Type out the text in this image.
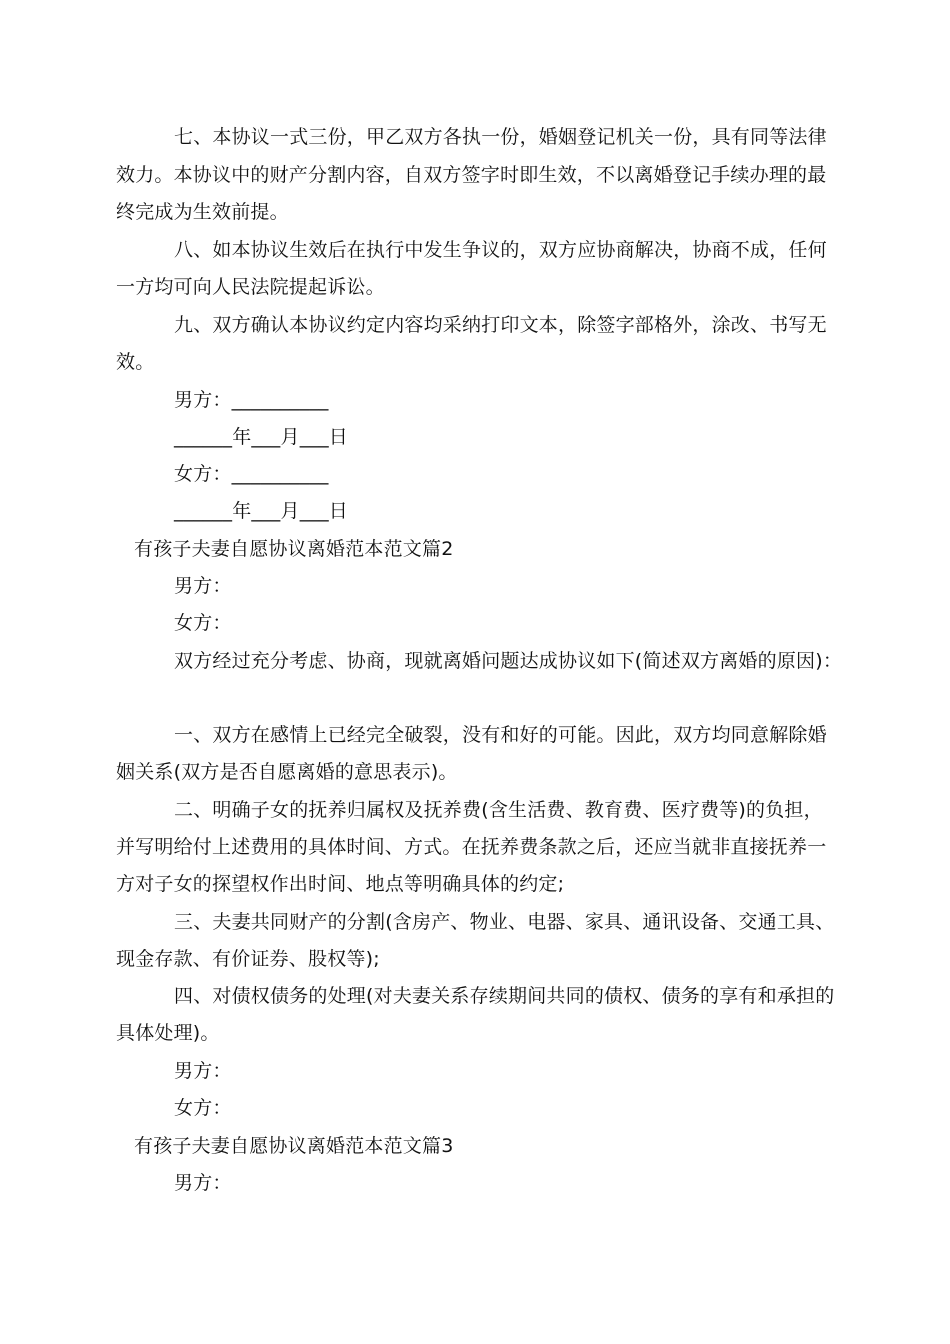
七、本协议一式三份，甲乙双方各执一份，婚姻登记机关一份，具有同等法律
效力。本协议中的财产分割内容，自双方签字时即生效，不以离婚登记手续办理的最
终完成为生效前提。
八、如本协议生效后在执行中发生争议的，双方应协商解决，协商不成，任何
一方均可向人民法院提起诉讼。
九、双方确认本协议约定内容均采纳打印文本，除签字部格外，涂改、书写无
效。
男方：__________
______年___月___日
女方：__________
______年___月___日
有孩子夫妻自愿协议离婚范本范文篇2
男方：
女方：
双方经过充分考虑、协商，现就离婚问题达成协议如下(简述双方离婚的原因)：
一、双方在感情上已经完全破裂，没有和好的可能。因此，双方均同意解除婚
姻关系(双方是否自愿离婚的意思表示)。
二、明确子女的抚养归属权及抚养费(含生活费、教育费、医疗费等)的负担，
并写明给付上述费用的具体时间、方式。在抚养费条款之后，还应当就非直接抚养一
方对子女的探望权作出时间、地点等明确具体的约定;
三、夫妻共同财产的分割(含房产、物业、电器、家具、通讯设备、交通工具、
现金存款、有价证券、股权等);
四、对债权债务的处理(对夫妻关系存续期间共同的债权、债务的享有和承担的
具体处理)。
男方：
女方：
有孩子夫妻自愿协议离婚范本范文篇3
男方：
